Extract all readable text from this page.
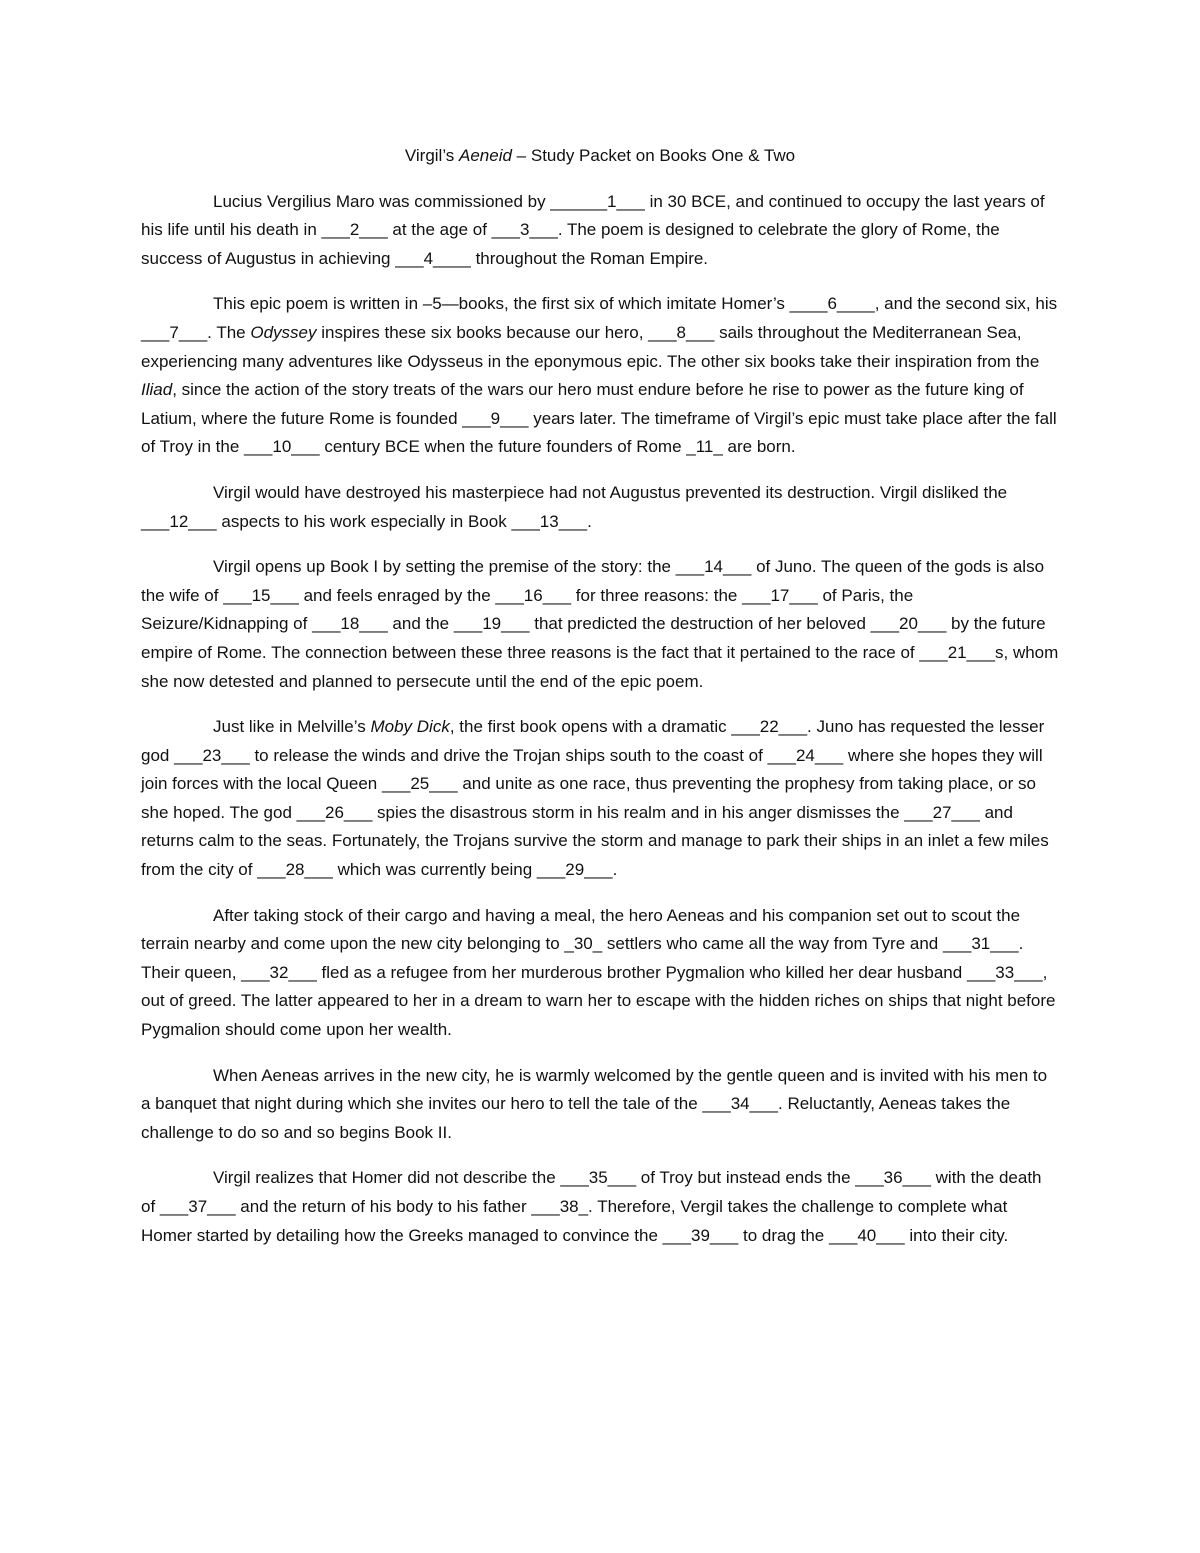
Virgil’s Aeneid – Study Packet on Books One & Two

Lucius Vergilius Maro was commissioned by ______1___ in 30 BCE, and continued to occupy the last years of his life until his death in ___2___ at the age of ___3___. The poem is designed to celebrate the glory of Rome, the success of Augustus in achieving ___4____ throughout the Roman Empire.

This epic poem is written in –5—books, the first six of which imitate Homer’s ____6____, and the second six, his ___7___. The Odyssey inspires these six books because our hero, ___8___ sails throughout the Mediterranean Sea, experiencing many adventures like Odysseus in the eponymous epic. The other six books take their inspiration from the Iliad, since the action of the story treats of the wars our hero must endure before he rise to power as the future king of Latium, where the future Rome is founded ___9___ years later. The timeframe of Virgil’s epic must take place after the fall of Troy in the ___10___ century BCE when the future founders of Rome _11_ are born.

Virgil would have destroyed his masterpiece had not Augustus prevented its destruction. Virgil disliked the ___12___ aspects to his work especially in Book ___13___.

Virgil opens up Book I by setting the premise of the story: the ___14___ of Juno. The queen of the gods is also the wife of ___15___ and feels enraged by the ___16___ for three reasons: the ___17___ of Paris, the Seizure/Kidnapping of ___18___ and the ___19___ that predicted the destruction of her beloved ___20___ by the future empire of Rome. The connection between these three reasons is the fact that it pertained to the race of ___21___s, whom she now detested and planned to persecute until the end of the epic poem.

Just like in Melville’s Moby Dick, the first book opens with a dramatic ___22___. Juno has requested the lesser god ___23___ to release the winds and drive the Trojan ships south to the coast of ___24___ where she hopes they will join forces with the local Queen ___25___ and unite as one race, thus preventing the prophesy from taking place, or so she hoped. The god ___26___ spies the disastrous storm in his realm and in his anger dismisses the ___27___ and returns calm to the seas. Fortunately, the Trojans survive the storm and manage to park their ships in an inlet a few miles from the city of ___28___ which was currently being ___29___.

After taking stock of their cargo and having a meal, the hero Aeneas and his companion set out to scout the terrain nearby and come upon the new city belonging to _30_ settlers who came all the way from Tyre and ___31___. Their queen, ___32___ fled as a refugee from her murderous brother Pygmalion who killed her dear husband ___33___, out of greed. The latter appeared to her in a dream to warn her to escape with the hidden riches on ships that night before Pygmalion should come upon her wealth.

When Aeneas arrives in the new city, he is warmly welcomed by the gentle queen and is invited with his men to a banquet that night during which she invites our hero to tell the tale of the ___34___. Reluctantly, Aeneas takes the challenge to do so and so begins Book II.

Virgil realizes that Homer did not describe the ___35___ of Troy but instead ends the ___36___ with the death of ___37___ and the return of his body to his father ___38_. Therefore, Vergil takes the challenge to complete what Homer started by detailing how the Greeks managed to convince the ___39___ to drag the ___40___ into their city.
